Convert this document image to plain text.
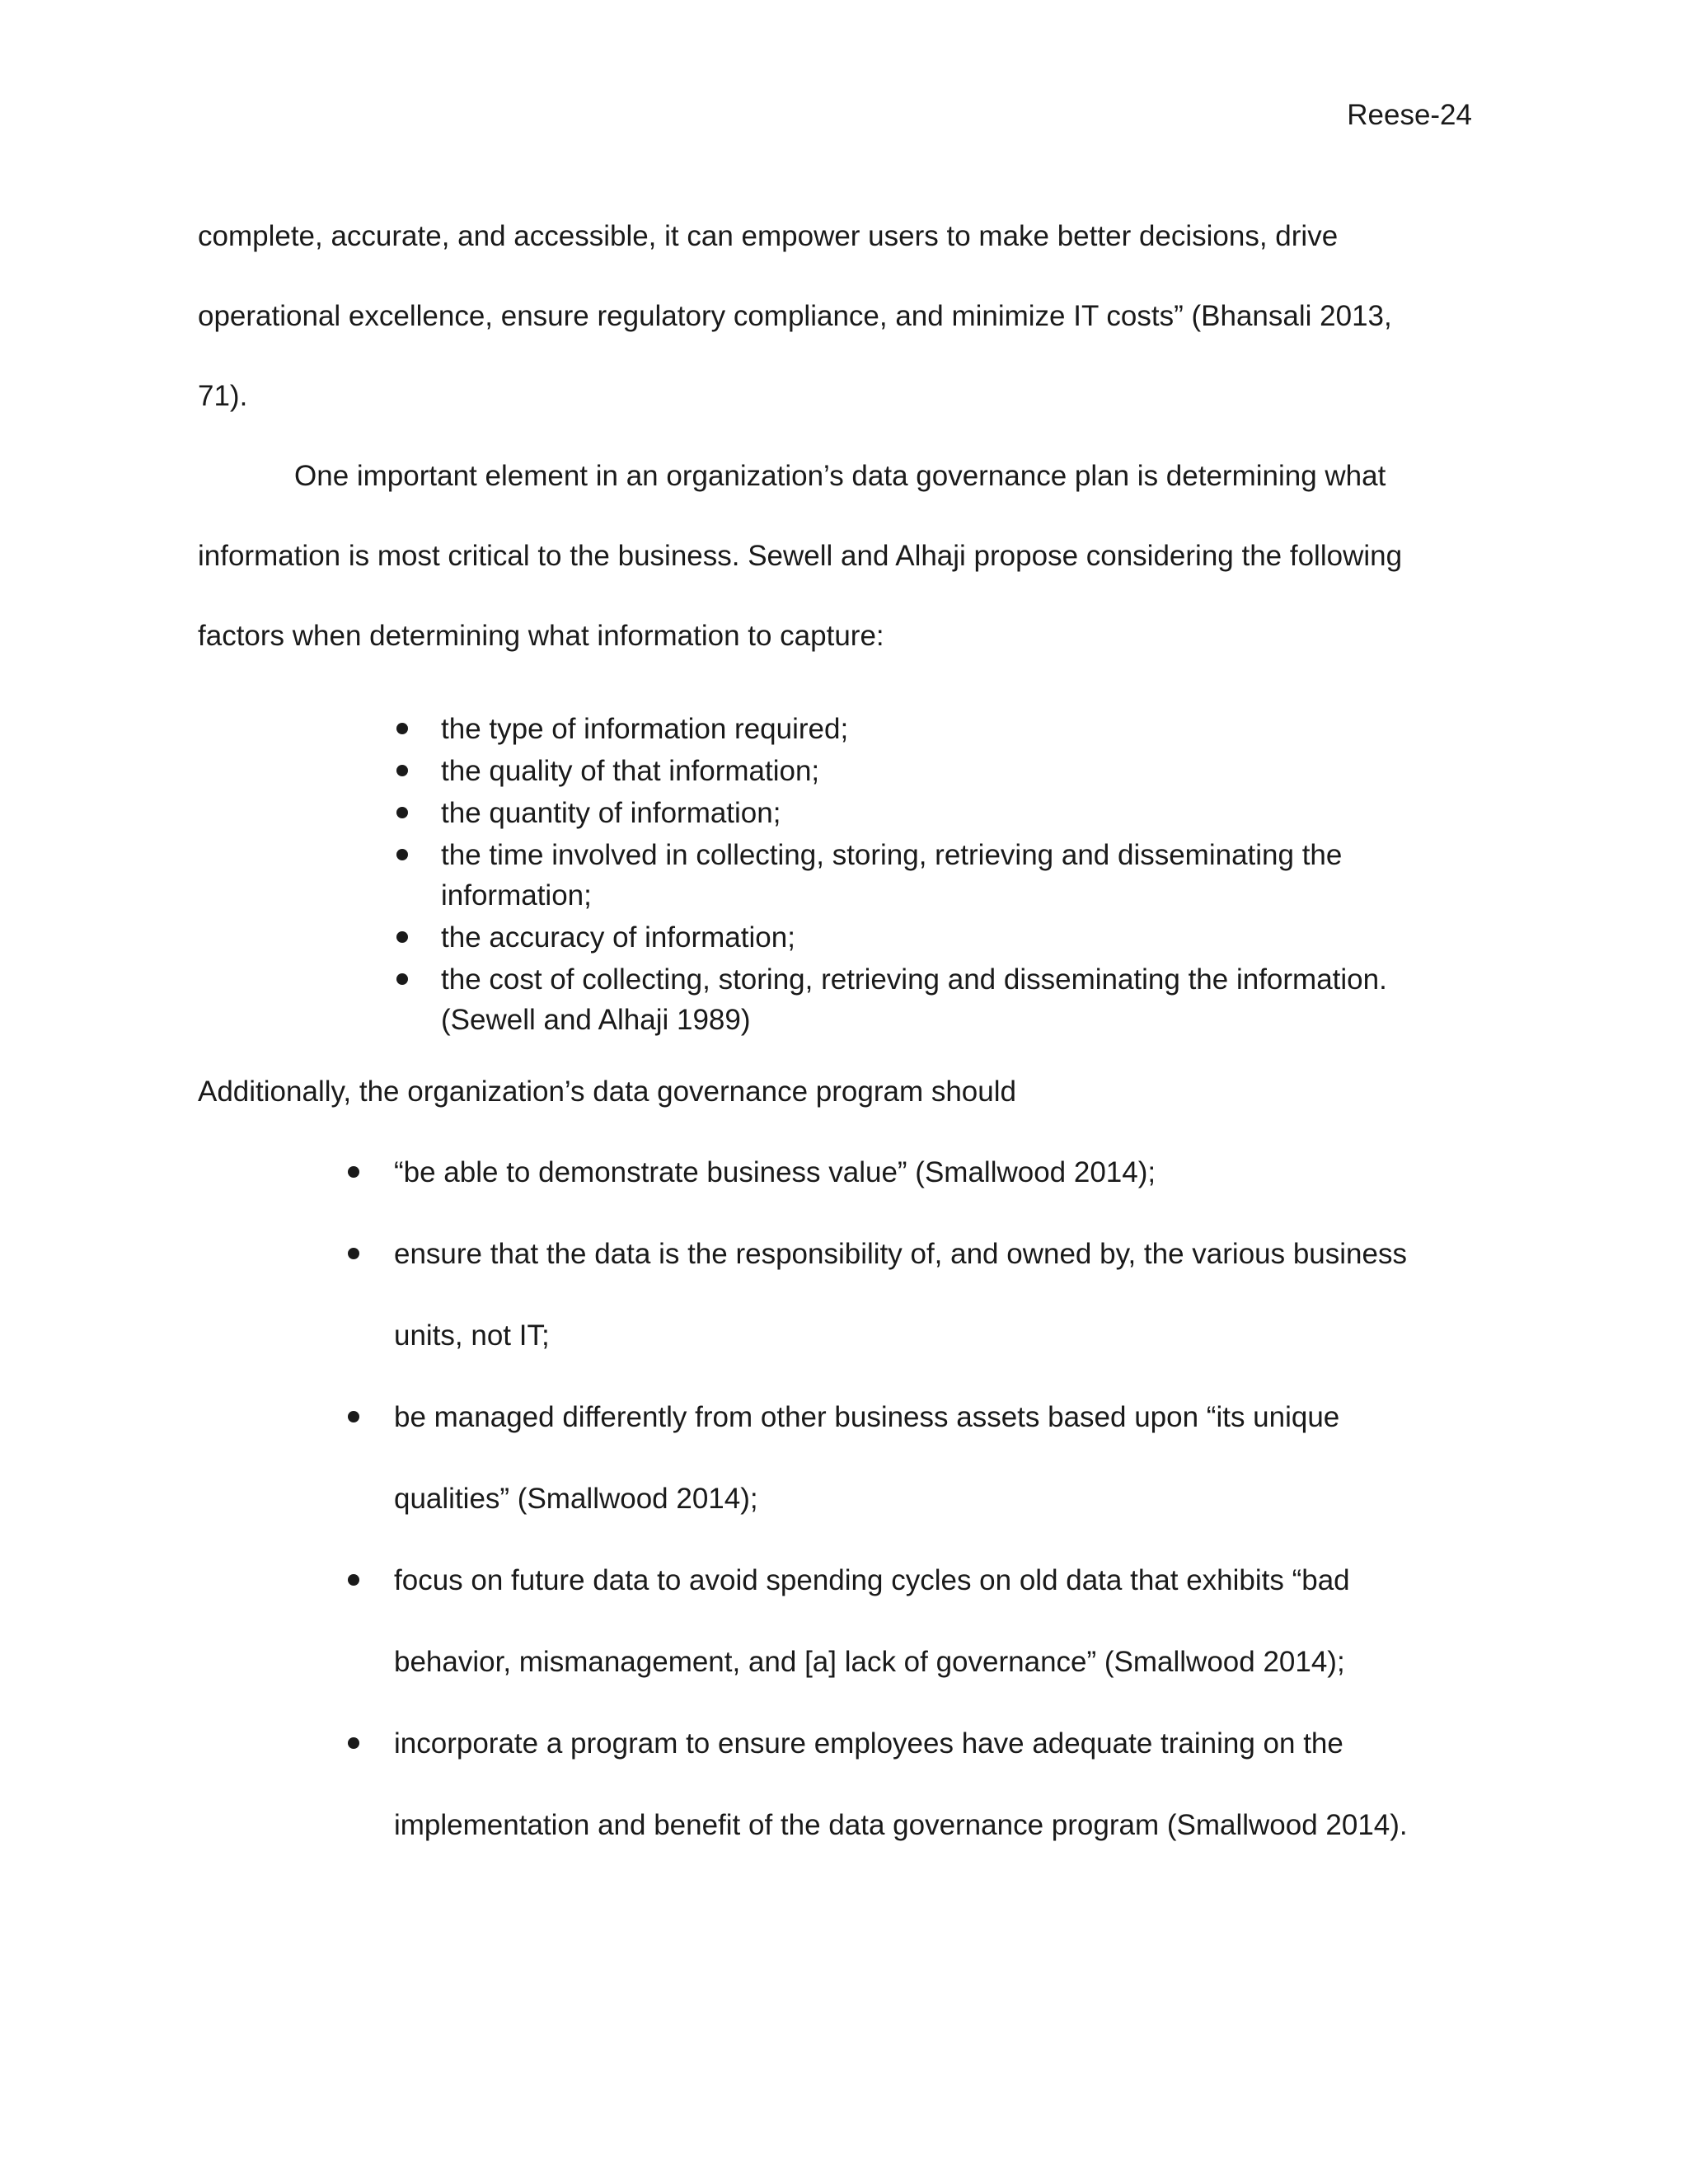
Reese-24

complete, accurate, and accessible, it can empower users to make better decisions, drive
operational excellence, ensure regulatory compliance, and minimize IT costs” (Bhansali 2013,
71).

One important element in an organization’s data governance plan is determining what
information is most critical to the business. Sewell and Alhaji propose considering the following
factors when determining what information to capture:

the type of information required;
the quality of that information;
the quantity of information;
the time involved in collecting, storing, retrieving and disseminating the
information;
the accuracy of information;
the cost of collecting, storing, retrieving and disseminating the information.
(Sewell and Alhaji 1989)

Additionally, the organization’s data governance program should

“be able to demonstrate business value” (Smallwood 2014);
ensure that the data is the responsibility of, and owned by, the various business
units, not IT;
be managed differently from other business assets based upon “its unique
qualities” (Smallwood 2014);
focus on future data to avoid spending cycles on old data that exhibits “bad
behavior, mismanagement, and [a] lack of governance” (Smallwood 2014);
incorporate a program to ensure employees have adequate training on the
implementation and benefit of the data governance program (Smallwood 2014).
